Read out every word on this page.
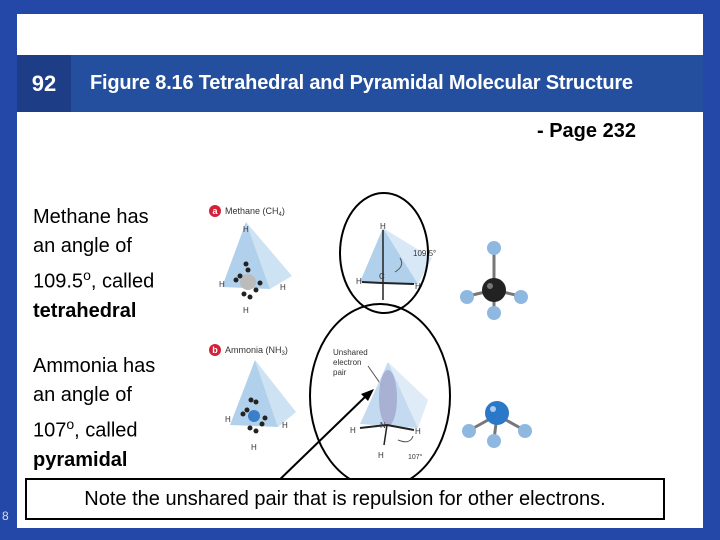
92 Figure 8.16 Tetrahedral and Pyramidal Molecular Structure
- Page 232
Methane has
an angle of
109.5$^o$, called
tetrahedral
Ammonia has
an angle of
107$^o$, called
pyramidal
a Methane $(CH_4)$
H
H	H
H
H
H
H
C
109.5°
b Ammonia $(NH_3)$
H
H
H
Unshared
electron
pair
H	H
H
N
107°
Note the unshared pair that is repulsion for other electrons.
8
